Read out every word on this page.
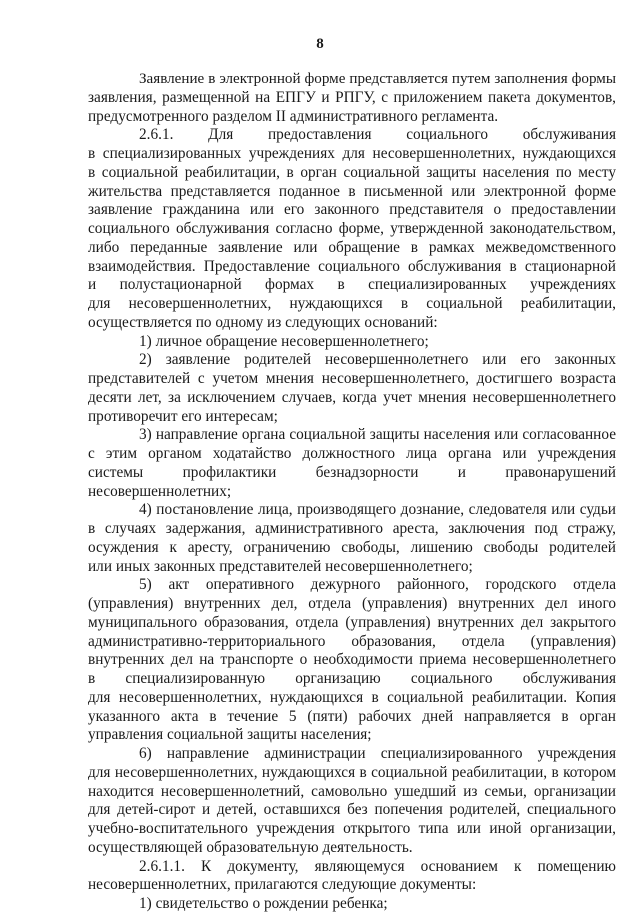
8
Заявление в электронной форме представляется путем заполнения формы
заявления, размещенной на ЕПГУ и РПГУ, с приложением пакета документов,
предусмотренного разделом II административного регламента.
2.6.1. Для предоставления социального обслуживания
в специализированных учреждениях для несовершеннолетних, нуждающихся
в социальной реабилитации, в орган социальной защиты населения по месту
жительства представляется поданное в письменной или электронной форме
заявление гражданина или его законного представителя о предоставлении
социального обслуживания согласно форме, утвержденной законодательством,
либо переданные заявление или обращение в рамках межведомственного
взаимодействия. Предоставление социального обслуживания в стационарной
и полустационарной формах в специализированных учреждениях
для несовершеннолетних, нуждающихся в социальной реабилитации,
осуществляется по одному из следующих оснований:
1) личное обращение несовершеннолетнего;
2) заявление родителей несовершеннолетнего или его законных
представителей с учетом мнения несовершеннолетнего, достигшего возраста
десяти лет, за исключением случаев, когда учет мнения несовершеннолетнего
противоречит его интересам;
3) направление органа социальной защиты населения или согласованное
с этим органом ходатайство должностного лица органа или учреждения
системы профилактики безнадзорности и правонарушений
несовершеннолетних;
4) постановление лица, производящего дознание, следователя или судьи
в случаях задержания, административного ареста, заключения под стражу,
осуждения к аресту, ограничению свободы, лишению свободы родителей
или иных законных представителей несовершеннолетнего;
5) акт оперативного дежурного районного, городского отдела
(управления) внутренних дел, отдела (управления) внутренних дел иного
муниципального образования, отдела (управления) внутренних дел закрытого
административно-территориального образования, отдела (управления)
внутренних дел на транспорте о необходимости приема несовершеннолетнего
в специализированную организацию социального обслуживания
для несовершеннолетних, нуждающихся в социальной реабилитации. Копия
указанного акта в течение 5 (пяти) рабочих дней направляется в орган
управления социальной защиты населения;
6) направление администрации специализированного учреждения
для несовершеннолетних, нуждающихся в социальной реабилитации, в котором
находится несовершеннолетний, самовольно ушедший из семьи, организации
для детей-сирот и детей, оставшихся без попечения родителей, специального
учебно-воспитательного учреждения открытого типа или иной организации,
осуществляющей образовательную деятельность.
2.6.1.1. К документу, являющемуся основанием к помещению
несовершеннолетних, прилагаются следующие документы:
1) свидетельство о рождении ребенка;
